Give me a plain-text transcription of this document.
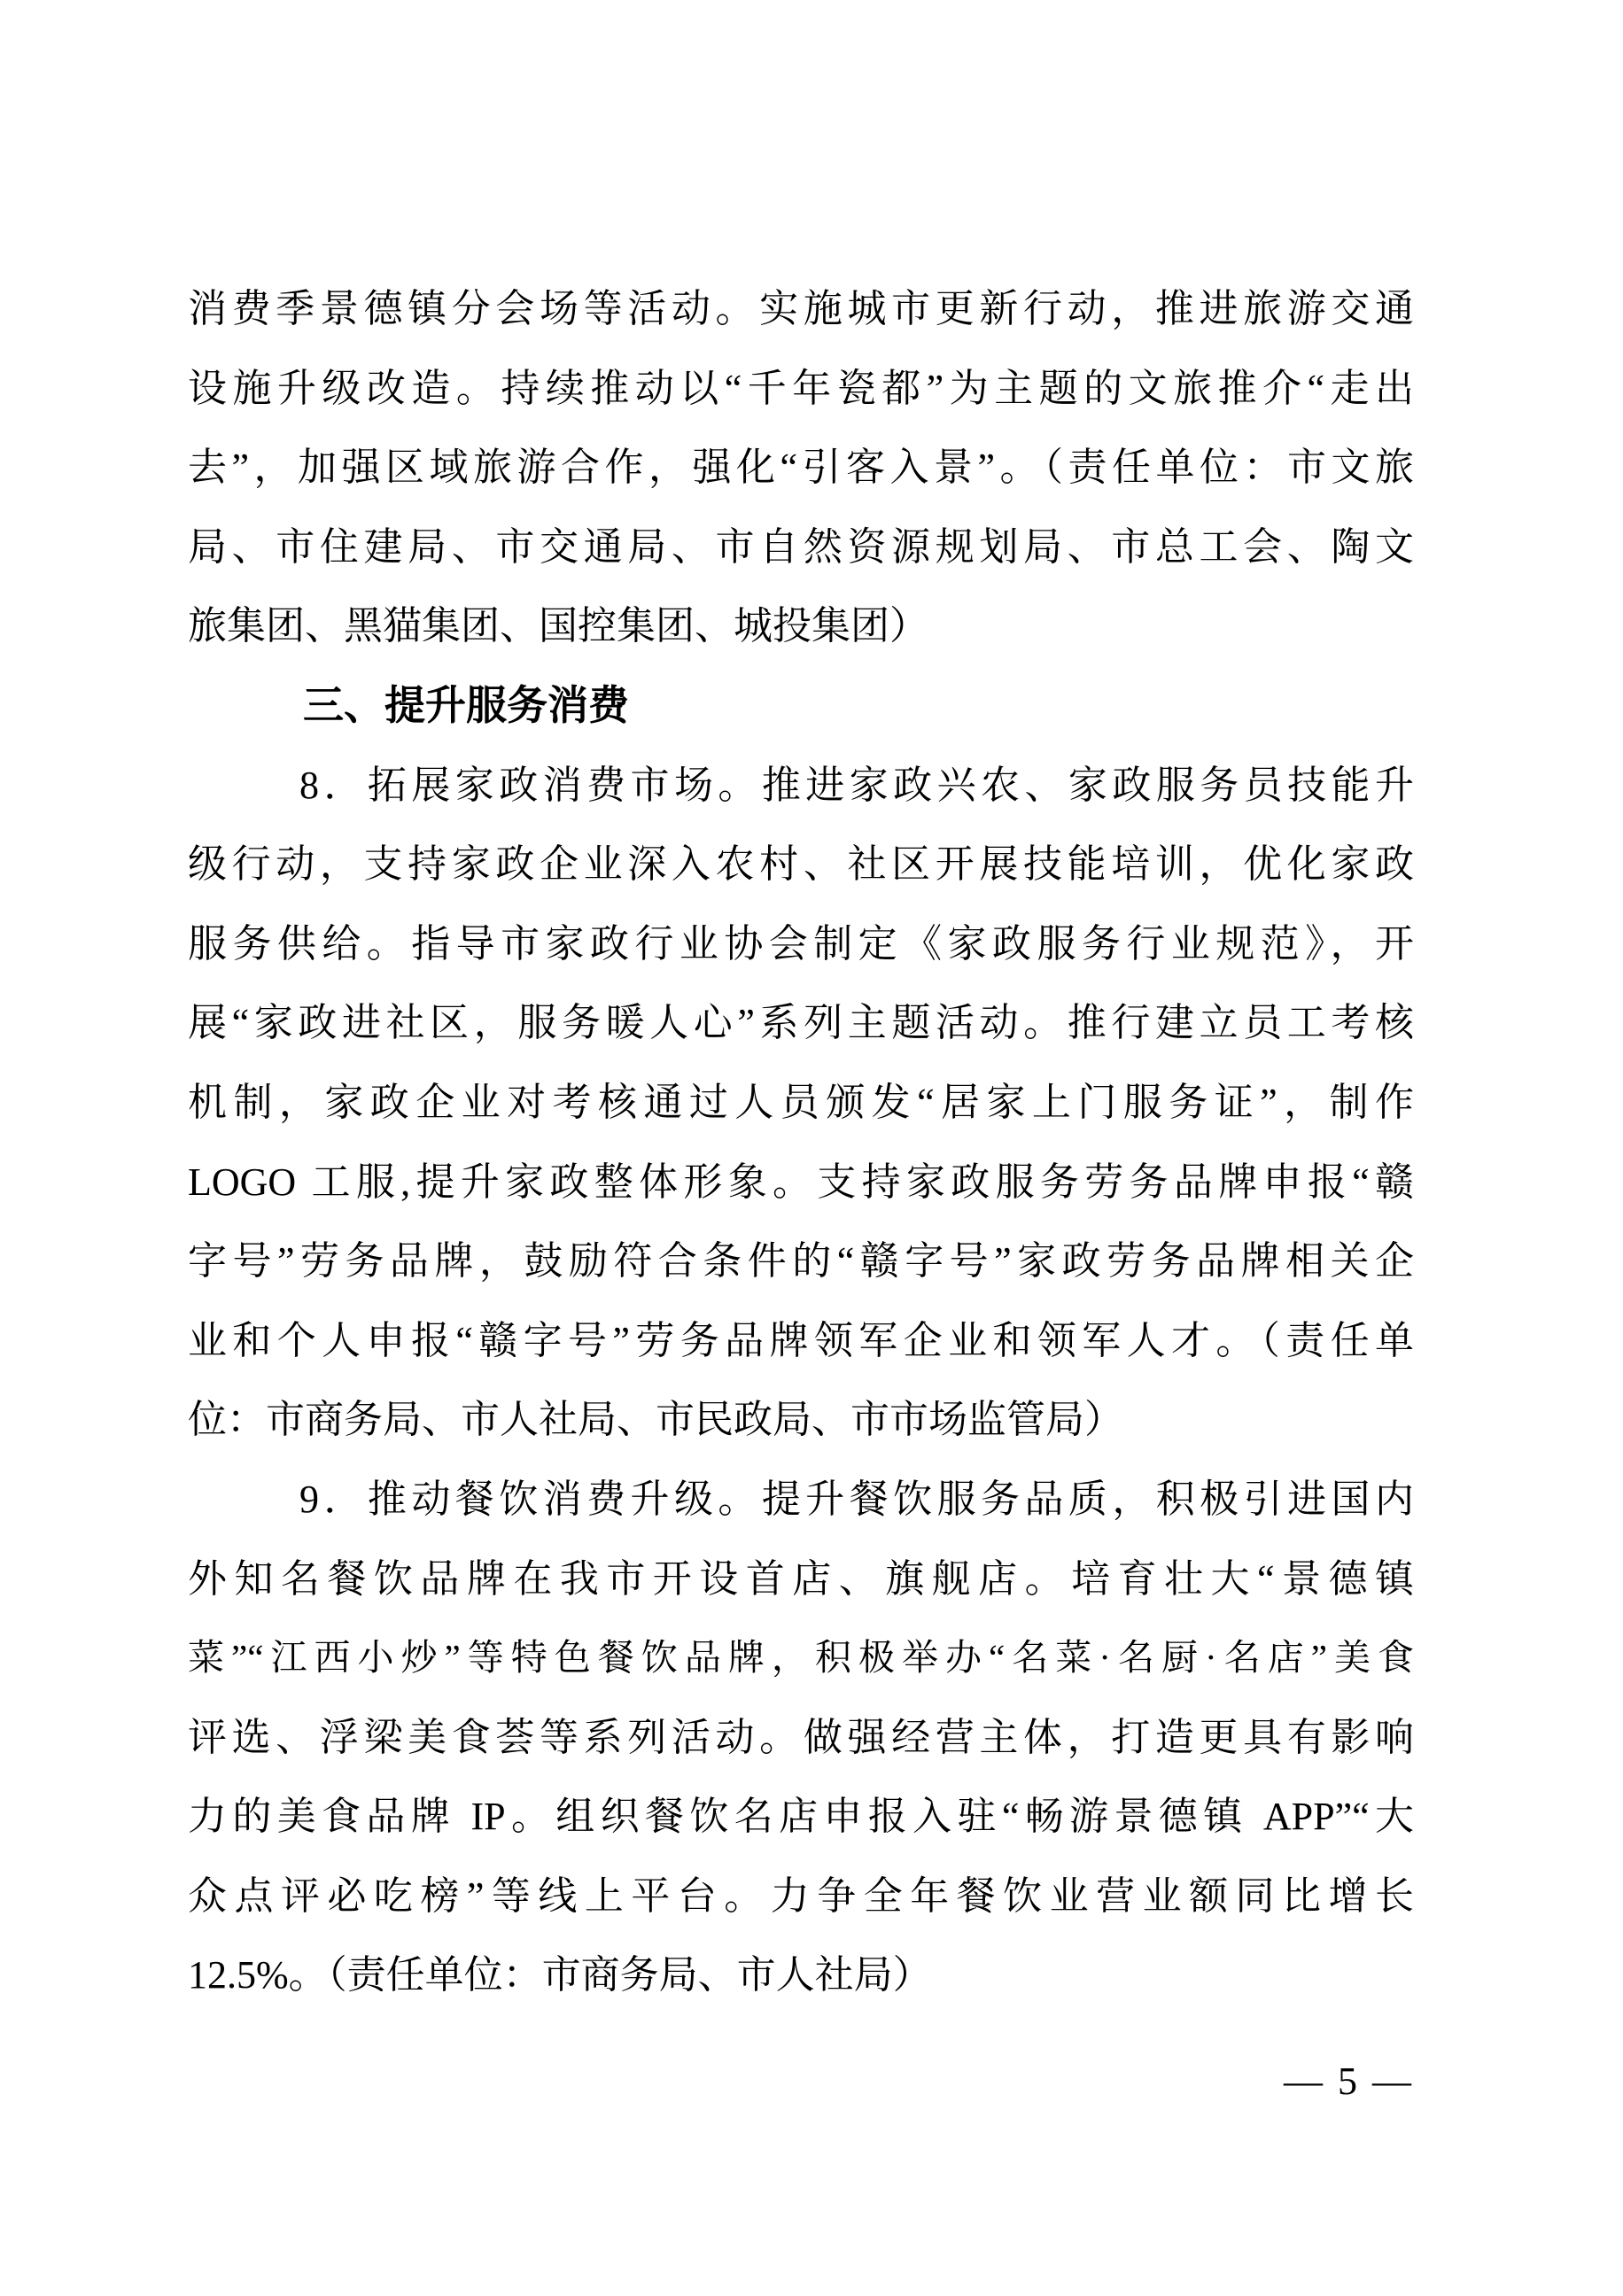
消费季景德镇分会场等活动。实施城市更新行动，推进旅游交通
设施升级改造。持续推动以“千年瓷都”为主题的文旅推介“走出
去”，加强区域旅游合作，强化“引客入景”。（责任单位：市文旅
局、市住建局、市交通局、市自然资源规划局、市总工会、陶文
旅集团、黑猫集团、国控集团、城投集团）
三、提升服务消费
8．拓展家政消费市场。推进家政兴农、家政服务员技能升
级行动，支持家政企业深入农村、社区开展技能培训，优化家政
服务供给。指导市家政行业协会制定《家政服务行业规范》，开
展“家政进社区，服务暖人心”系列主题活动。推行建立员工考核
机制，家政企业对考核通过人员颁发“居家上门服务证”，制作
LOGO 工服,提升家政整体形象。支持家政服务劳务品牌申报“赣
字号”劳务品牌，鼓励符合条件的“赣字号”家政劳务品牌相关企
业和个人申报“赣字号”劳务品牌领军企业和领军人才。（责任单
位：市商务局、市人社局、市民政局、市市场监管局）
9．推动餐饮消费升级。提升餐饮服务品质，积极引进国内
外知名餐饮品牌在我市开设首店、旗舰店。培育壮大“景德镇
菜”“江西小炒”等特色餐饮品牌，积极举办“名菜·名厨·名店”美食
评选、浮梁美食荟等系列活动。做强经营主体，打造更具有影响
力的美食品牌 IP。组织餐饮名店申报入驻“畅游景德镇 APP”“大
众点评必吃榜”等线上平台。力争全年餐饮业营业额同比增长
12.5%。（责任单位：市商务局、市人社局）
— 5 —
